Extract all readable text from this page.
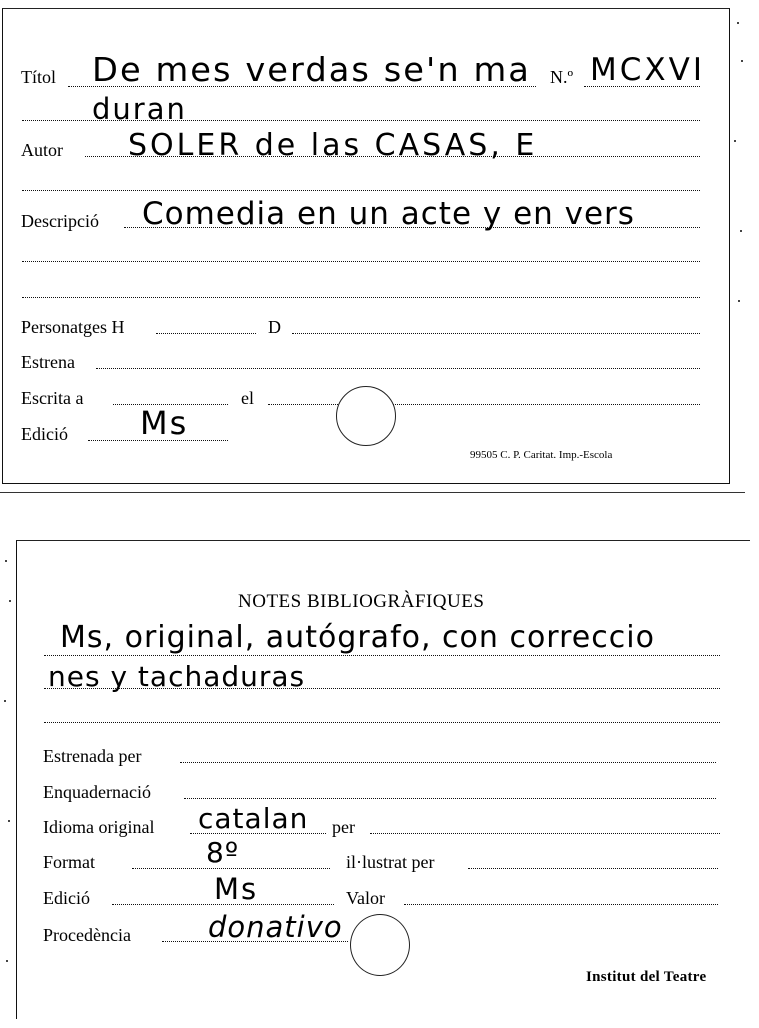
Títol De mes verdas se'n ma N.º MCXVI
duran
Autor SOLER de las CASAS, E
Descripció Comedia en un acte y en vers
Personatges H	D
Estrena
Escrita a	el
Edició Ms
99505 C. P. Caritat. Imp.-Escola
NOTES BIBLIOGRÀFIQUES
Ms, original, autógrafo, con correccio
nes y tachaduras
Estrenada per
Enquadernació
Idioma original catalan per
Format	8º	il·lustrat per
Edició	Ms	Valor
Procedència	donativo
Institut del Teatre
